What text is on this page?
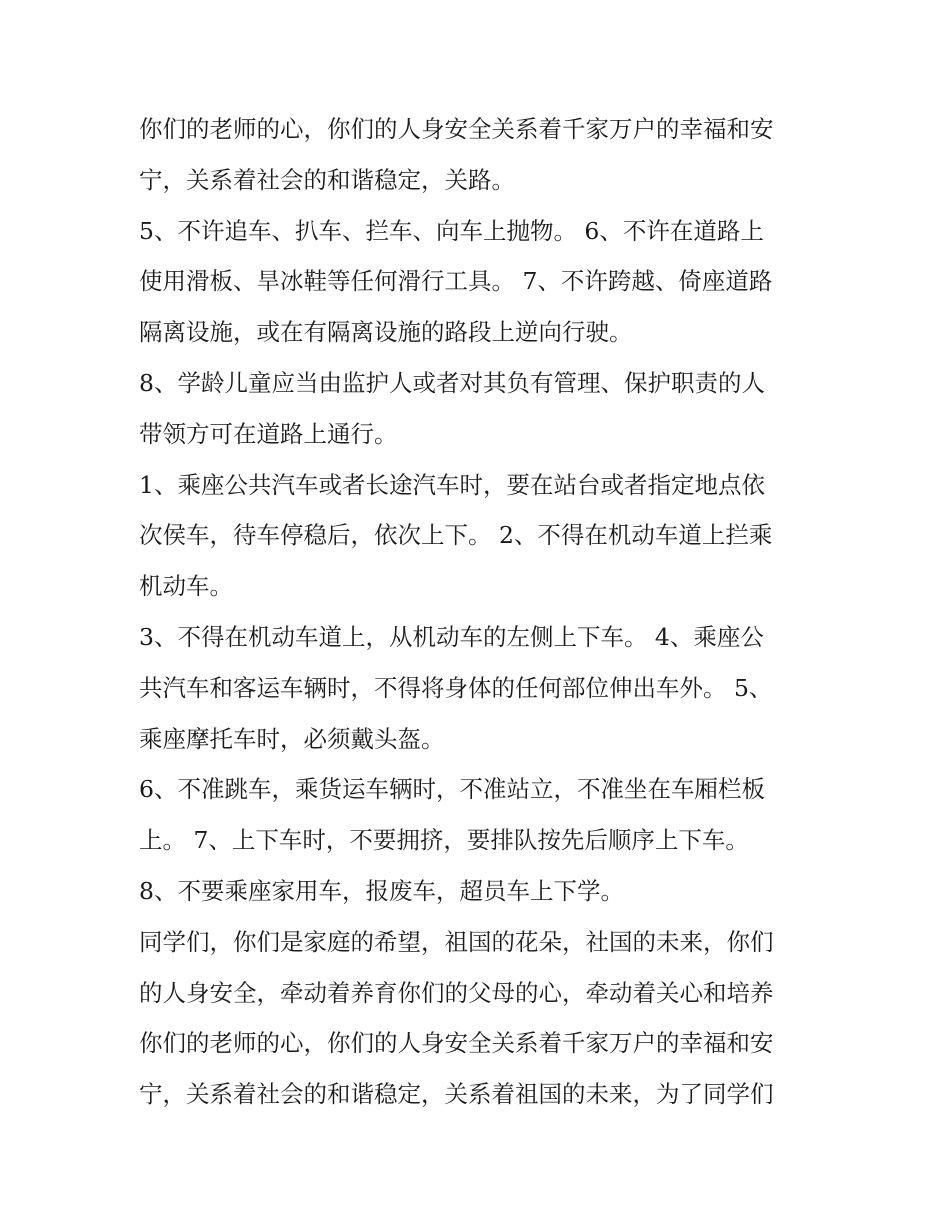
你们的老师的心，你们的人身安全关系着千家万户的幸福和安
宁，关系着社会的和谐稳定，关路。
5、不许追车、扒车、拦车、向车上抛物。 6、不许在道路上
使用滑板、旱冰鞋等任何滑行工具。 7、不许跨越、倚座道路
隔离设施，或在有隔离设施的路段上逆向行驶。
8、学龄儿童应当由监护人或者对其负有管理、保护职责的人
带领方可在道路上通行。
1、乘座公共汽车或者长途汽车时，要在站台或者指定地点依
次侯车，待车停稳后，依次上下。 2、不得在机动车道上拦乘
机动车。
3、不得在机动车道上，从机动车的左侧上下车。 4、乘座公
共汽车和客运车辆时，不得将身体的任何部位伸出车外。 5、
乘座摩托车时，必须戴头盔。
6、不准跳车，乘货运车辆时，不准站立，不准坐在车厢栏板
上。 7、上下车时，不要拥挤，要排队按先后顺序上下车。
8、不要乘座家用车，报废车，超员车上下学。
同学们，你们是家庭的希望，祖国的花朵，社国的未来，你们
的人身安全，牵动着养育你们的父母的心，牵动着关心和培养
你们的老师的心，你们的人身安全关系着千家万户的幸福和安
宁，关系着社会的和谐稳定，关系着祖国的未来，为了同学们
